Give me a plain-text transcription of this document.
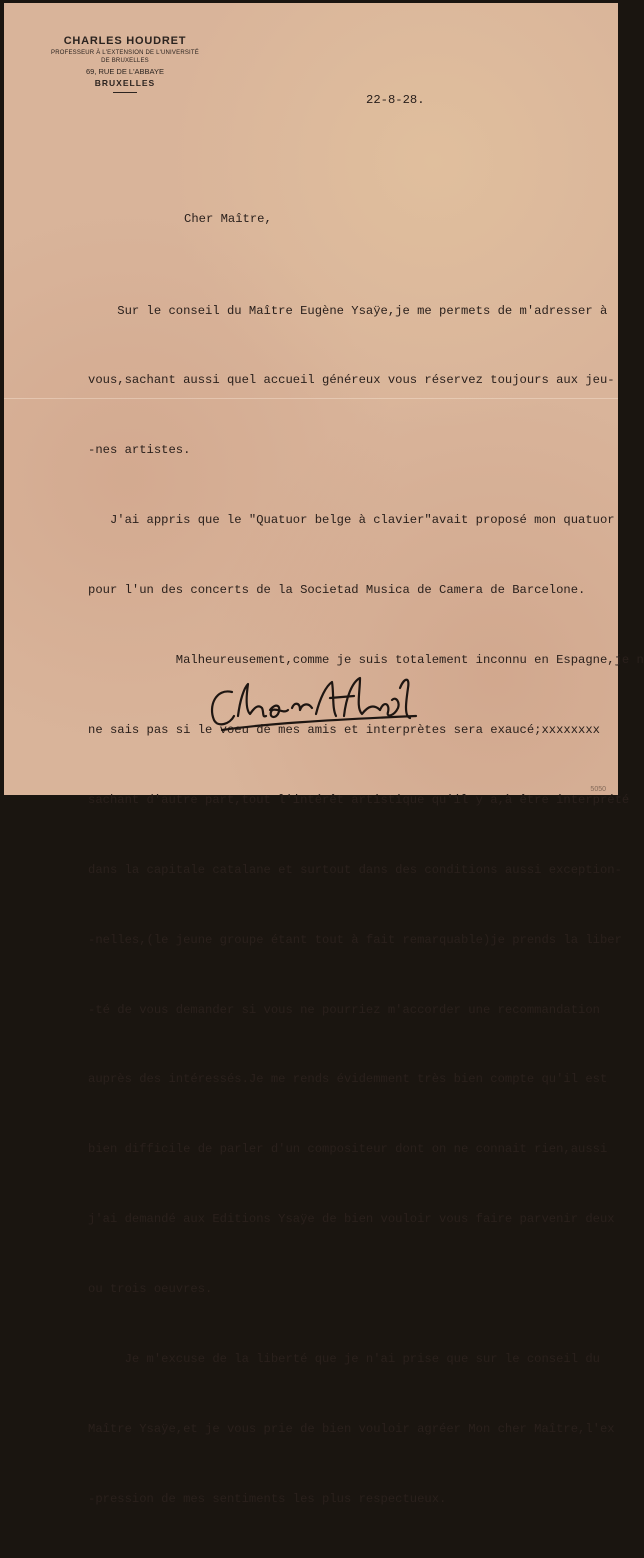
CHARLES HOUDRET
PROFESSEUR À L'EXTENSION DE L'UNIVERSITÉ
DE BRUXELLES
69, RUE DE L'ABBAYE
BRUXELLES
22-8-28.
Cher Maître,

Sur le conseil du Maître Eugène Ysaÿe,je me permets de m'adresser à

vous,sachant aussi quel accueil généreux vous réservez toujours aux jeu-

-nes artistes.

J'ai appris que le "Quatuor belge à clavier"avait proposé mon quatuor

pour l'un des concerts de la Societad Musica de Camera de Barcelone.

Malheureusement,comme je suis totalement inconnu en Espagne,je n

ne sais pas si le voeu de mes amis et interprètes sera exaucé;xxxxxxxx

sachant d'autre part,tout l'intérêt artistique qu'il y a,à être interprété

dans la capitale catalane et surtout dans des conditions aussi exception-

-nelles,(le jeune groupe étant tout à fait remarquable)je prends la liber

-té de vous demander si vous ne pourriez m'accorder une recommandation

auprès des intéressés.Je me rends évidemment très bien compte qu'il est

bien difficile de parler d'un compositeur dont on ne connait rien,aussi

j'ai demandé aux Editions Ysaÿe de bien vouloir vous faire parvenir deux

ou trois oeuvres.

Je m'excuse de la liberté que je n'ai prise que sur le conseil du

Maître Ysaÿe,et je vous prie de bien vouloir agréer Mon cher Maître,l'ex

-pression de mes sentiments les plus respectueux.

5050
